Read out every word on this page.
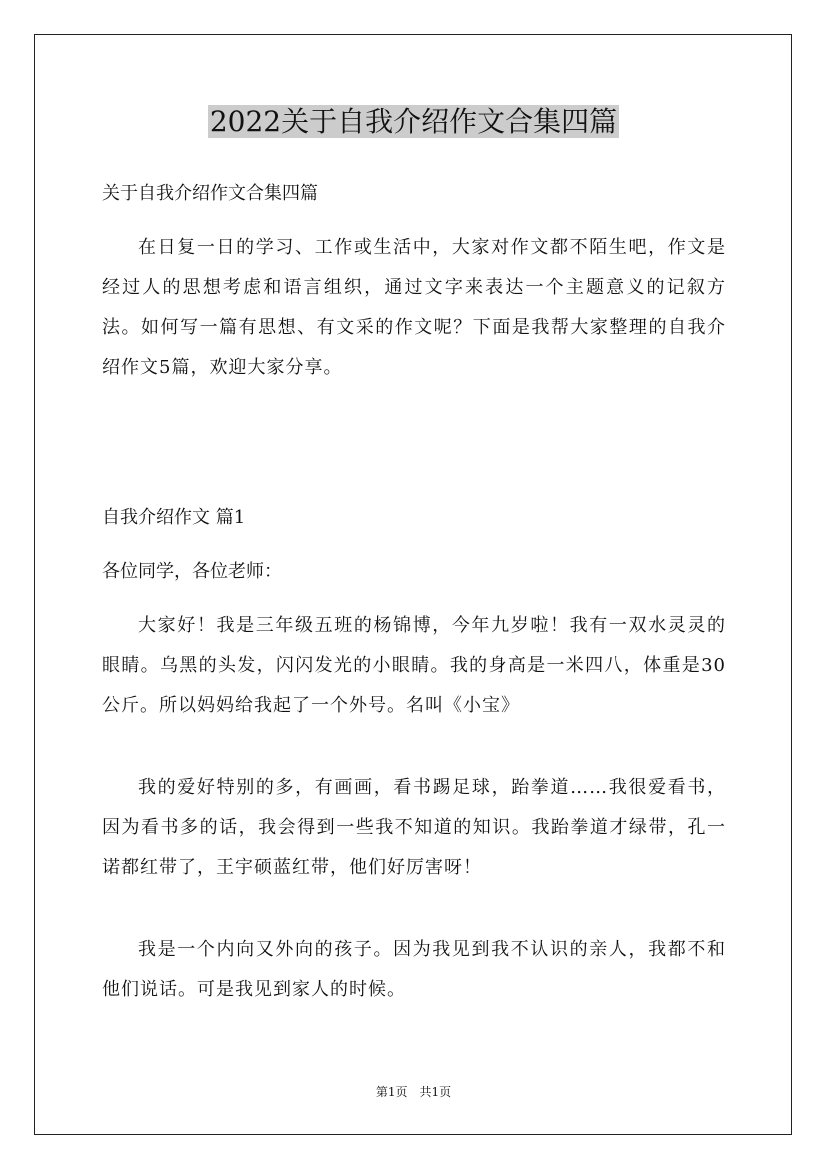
2022关于自我介绍作文合集四篇

关于自我介绍作文合集四篇

在日复一日的学习、工作或生活中，大家对作文都不陌生吧，作文是经过人的思想考虑和语言组织，通过文字来表达一个主题意义的记叙方法。如何写一篇有思想、有文采的作文呢？下面是我帮大家整理的自我介绍作文5篇，欢迎大家分享。

自我介绍作文 篇1

各位同学，各位老师：

大家好！我是三年级五班的杨锦博，今年九岁啦！我有一双水灵灵的眼睛。乌黑的头发，闪闪发光的小眼睛。我的身高是一米四八，体重是30公斤。所以妈妈给我起了一个外号。名叫《小宝》

我的爱好特别的多，有画画，看书踢足球，跆拳道……我很爱看书，因为看书多的话，我会得到一些我不知道的知识。我跆拳道才绿带，孔一诺都红带了，王宇硕蓝红带，他们好厉害呀！

我是一个内向又外向的孩子。因为我见到我不认识的亲人，我都不和他们说话。可是我见到家人的时候。

第1页　共1页
